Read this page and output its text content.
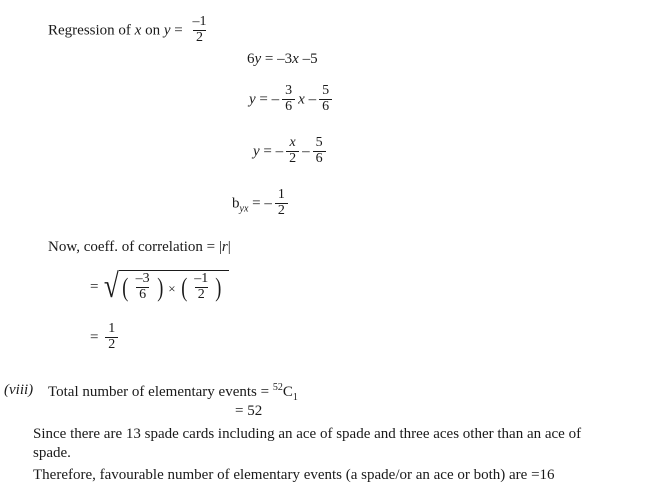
Regression of x on $y = \frac{-1}{2}$
6y = –3x –5
y = – $\frac{3}{6}$ x – $\frac{5}{6}$
y = – $\frac{x}{2} - \frac{5}{6}$
$b_{yx}$ = – $\frac{1}{2}$
Now, coeff. of correlation = |r|
= √ ( $\frac{-3}{6}$ ) × ( $\frac{-1}{2}$ )
= $\frac{1}{2}$
(viii) Total number of elementary events = $^{52}C_1$
= 52
Since there are 13 spade cards including an ace of spade and three aces other than an ace of
spade.
Therefore, favourable number of elementary events (a spade/or an ace or both) are =16
